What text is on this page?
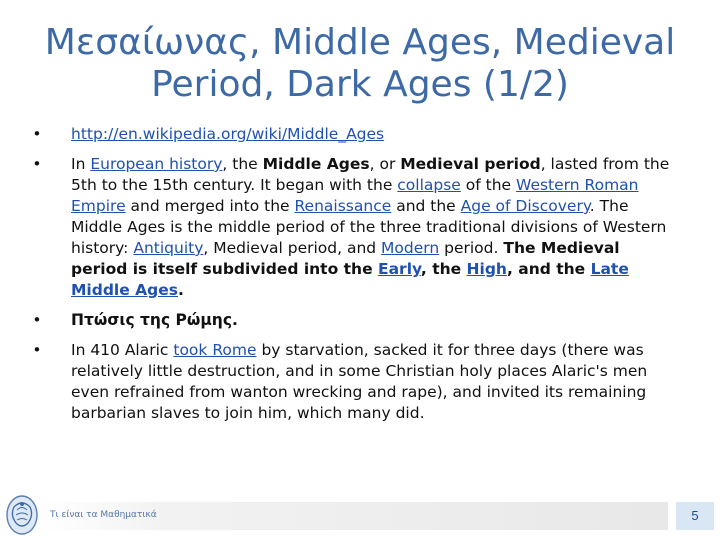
Μεσαίωνας, Middle Ages, Medieval
Period, Dark Ages (1/2)
• http://en.wikipedia.org/wiki/Middle_Ages
• In European history, the Middle Ages, or Medieval period, lasted from the 5th to the 15th century. It began with the collapse of the Western Roman Empire and merged into the Renaissance and the Age of Discovery. The Middle Ages is the middle period of the three traditional divisions of Western history: Antiquity, Medieval period, and Modern period. The Medieval period is itself subdivided into the Early, the High, and the Late Middle Ages.
• Πτώσις της Ρώμης.
• In 410 Alaric took Rome by starvation, sacked it for three days (there was relatively little destruction, and in some Christian holy places Alaric's men even refrained from wanton wrecking and rape), and invited its remaining barbarian slaves to join him, which many did.
Τι είναι τα Μαθηματικά	5
